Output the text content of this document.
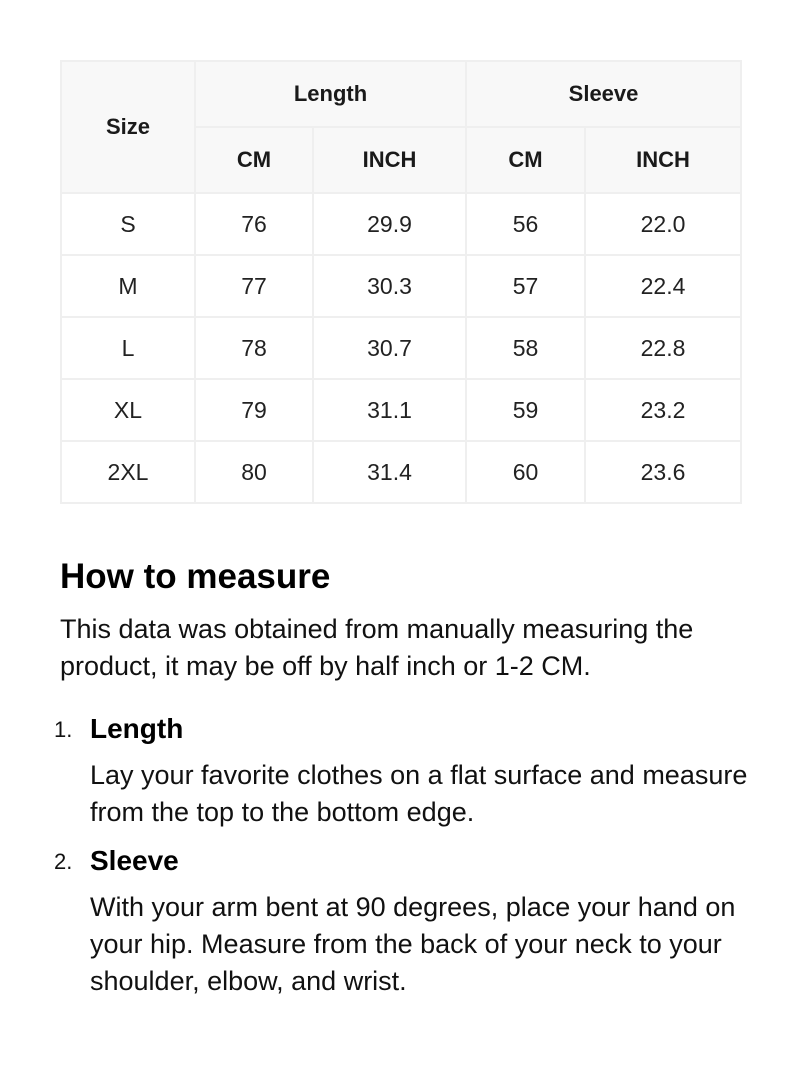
Size	Length		Sleeve	
	CM	INCH	CM	INCH
S	76	29.9	56	22.0
M	77	30.3	57	22.4
L	78	30.7	58	22.8
XL	79	31.1	59	23.2
2XL	80	31.4	60	23.6
How to measure

This data was obtained from manually measuring the product, it may be off by half inch or 1-2 CM.

1. Length
Lay your favorite clothes on a flat surface and measure from the top to the bottom edge.
2. Sleeve
With your arm bent at 90 degrees, place your hand on your hip. Measure from the back of your neck to your shoulder, elbow, and wrist.
